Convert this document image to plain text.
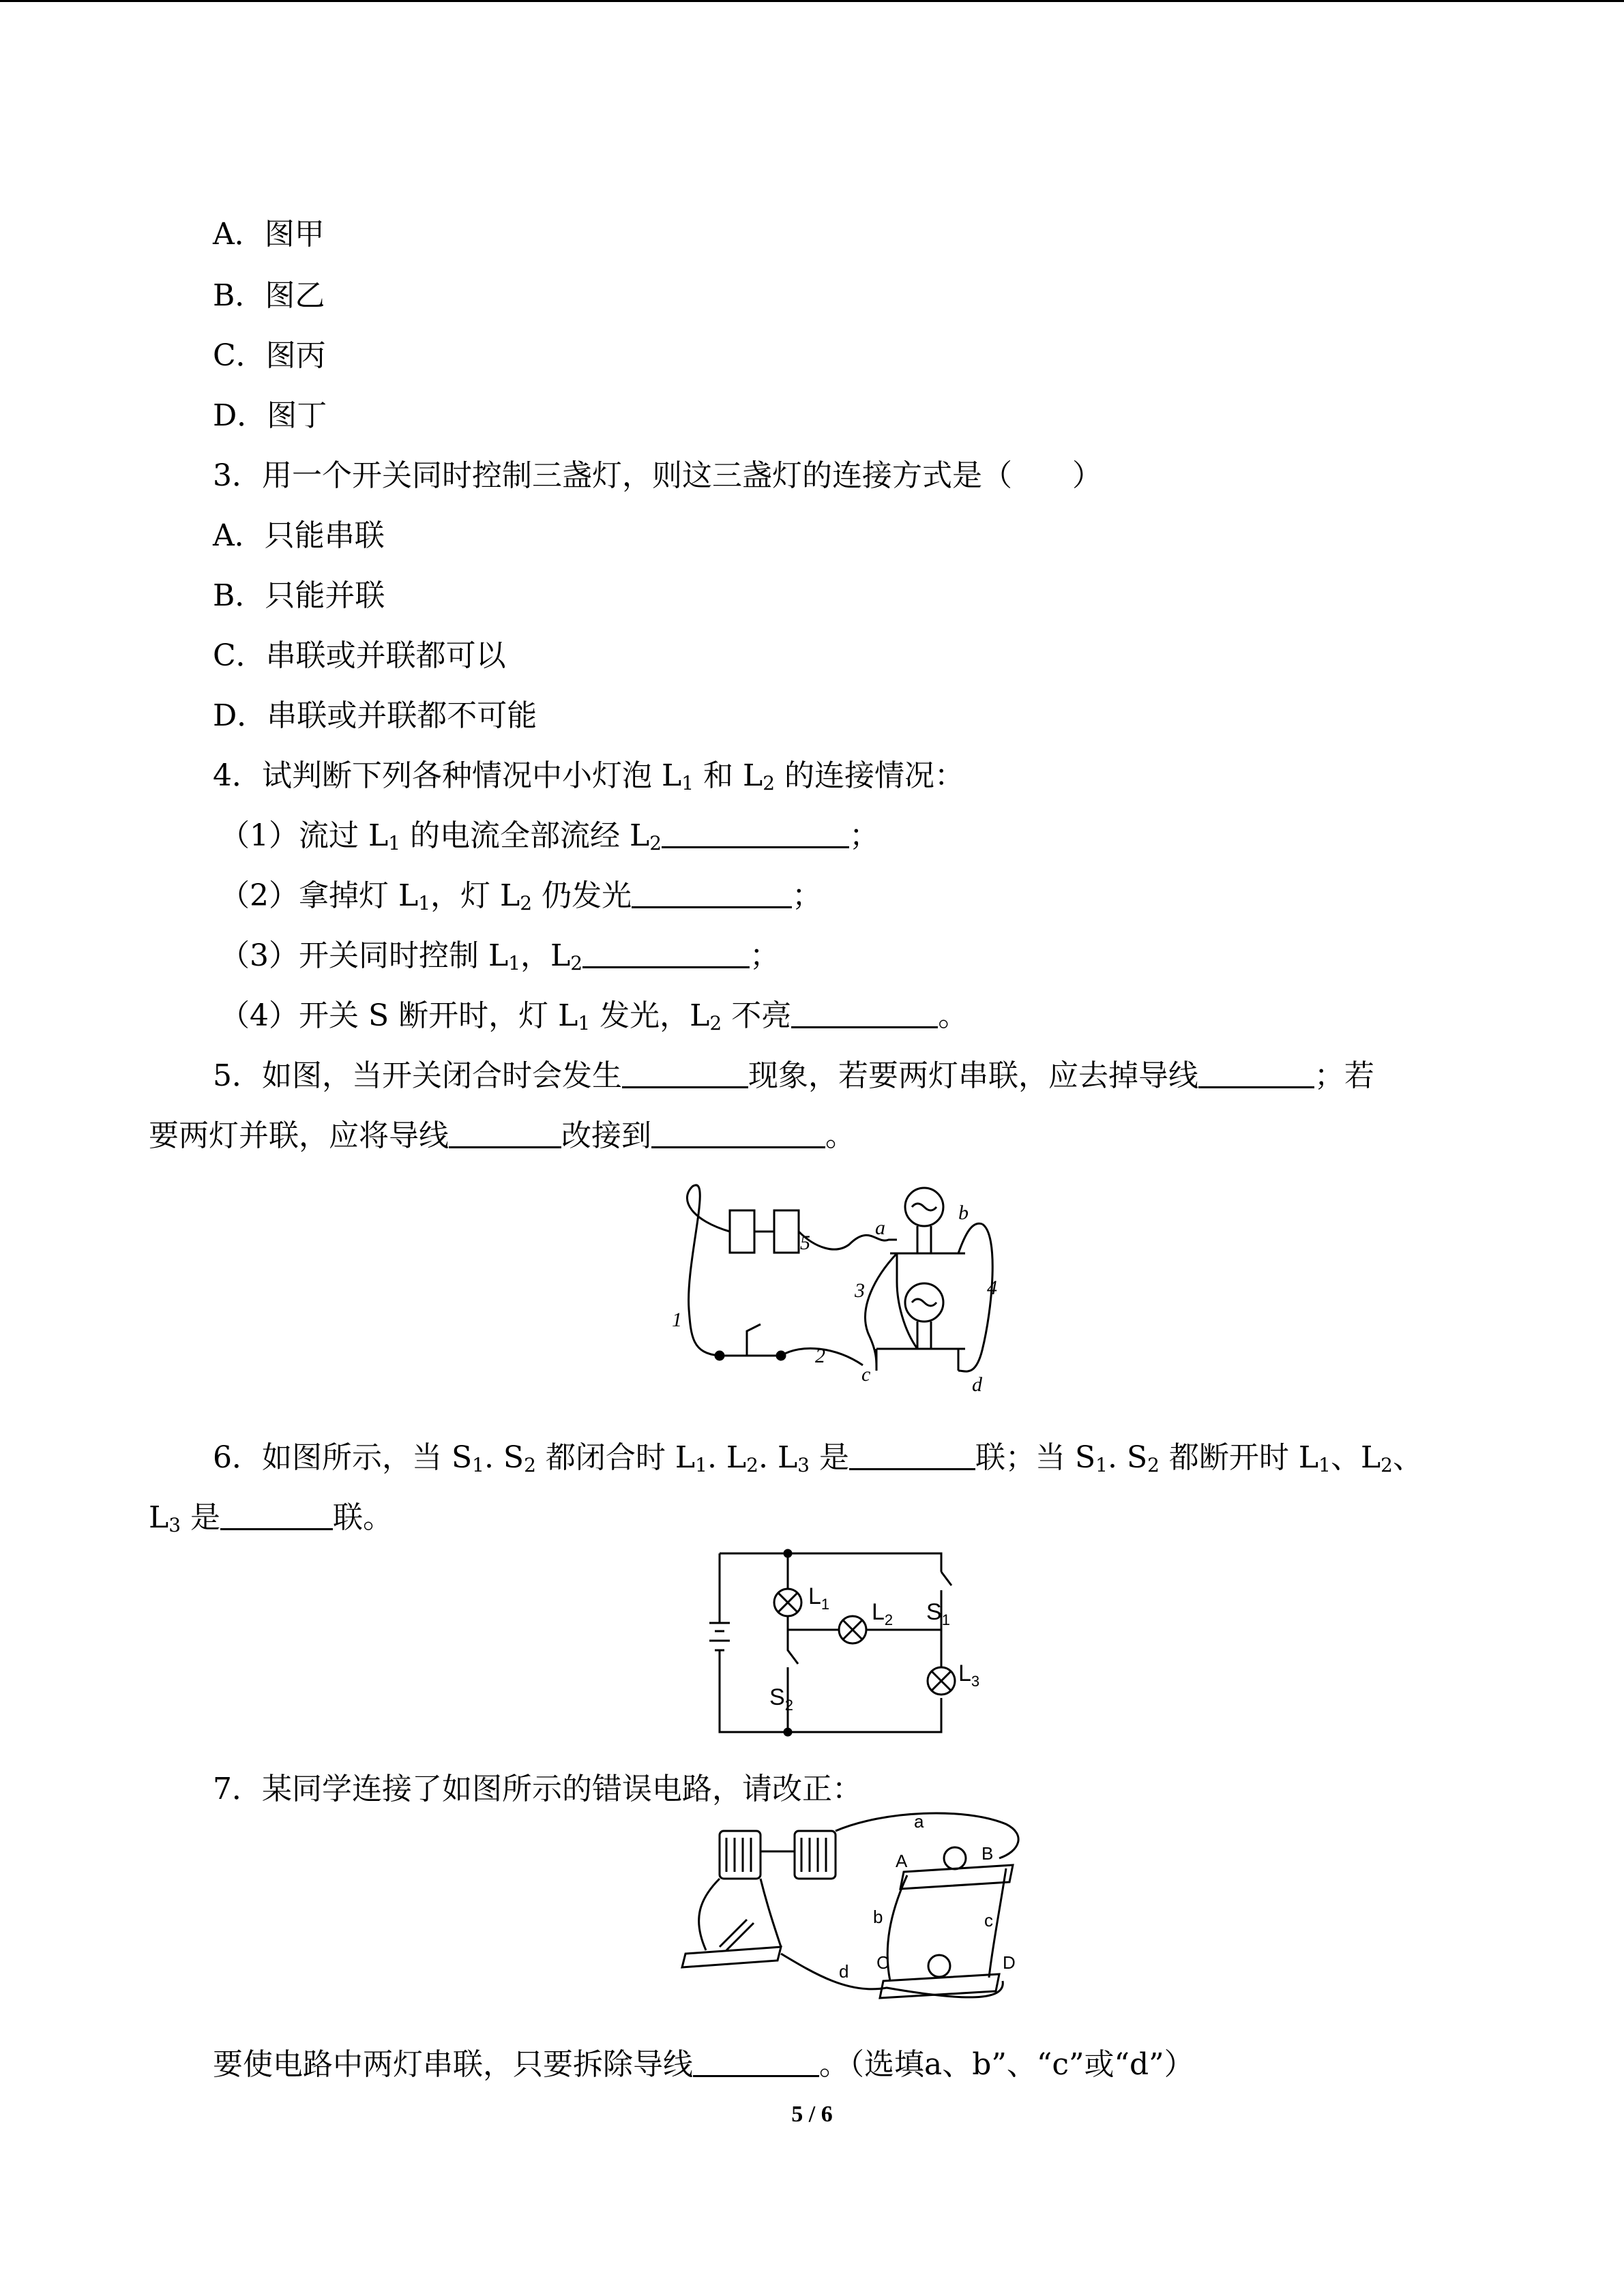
A．图甲
B．图乙
C．图丙
D．图丁
3．用一个开关同时控制三盏灯，则这三盏灯的连接方式是（　　）
A．只能串联
B．只能并联
C．串联或并联都可以
D．串联或并联都不可能
4．试判断下列各种情况中小灯泡 $L_1$ 和 $L_2$ 的连接情况：
（1）流过 $L_1$ 的电流全部流经 $L_2$	；
（2）拿掉灯 $L_1$，灯 $L_2$ 仍发光	；
（3）开关同时控制 $L_1$，$L_2$	；
（4）开关 S 断开时，灯 $L_1$ 发光，$L_2$ 不亮	。
5．如图，当开关闭合时会发生	现象，若要两灯串联，应去掉导线	；若
要两灯并联，应将导线	改接到	。
5
a
b
3	4
1
2
c	d
6．如图所示，当 $S_1$. $S_2$ 都闭合时 $L_1$. $L_2$. $L_3$ 是	联；当 $S_1$. $S_2$ 都断开时 $L_1$、$L_2$、
$L_3$ 是	联。
$L_1$ $L_2$
$L_3$
$S_1$
$S_2$
7．某同学连接了如图所示的错误电路，请改正：
a
b	c
d
A	B
C	D
要使电路中两灯串联，只要拆除导线	。（选填a、b”、“c”或“d”）
5 / 6
